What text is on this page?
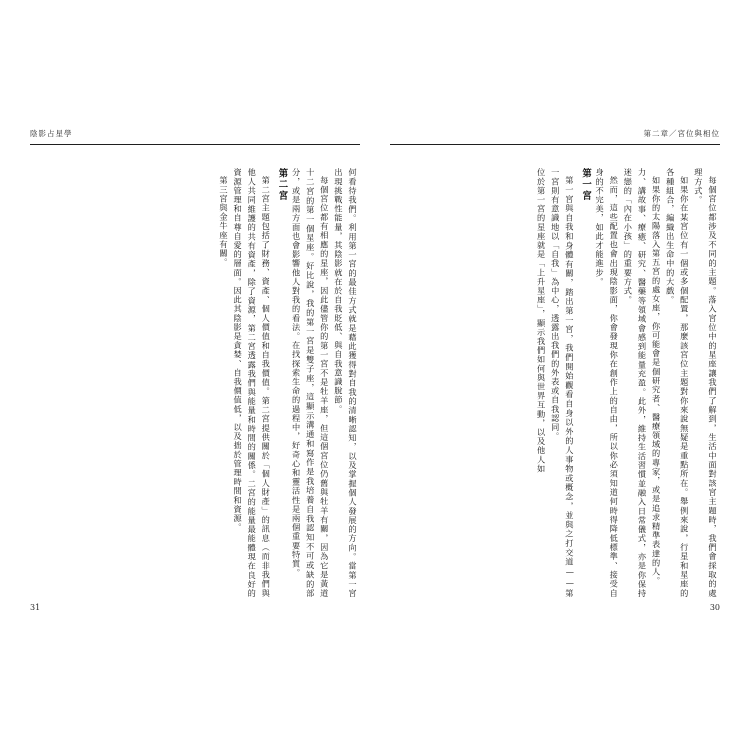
陰影占星學	第二章／宮位與相位
31	30

每個宮位都涉及不同的主題。落入宮位中的星座讓我們了解到，生活中面對該宮主題時，我們會採取的處理方式。

如果你在某宮位有一個或多個配置，那麼該宮位主題對你來說無疑是重點所在。舉例來說，行星和星座的各種組合，編織出生命中的大戲。

如果你的太陽落入第五宮的處女座，你可能會是個研究者、醫療領域的專家，或是追求精準表達的人。

力、講故事、療癒、研究、醫藥等領域會感到能量充盈。此外，維持生活習慣並融入日常儀式，亦是你保持迷戀的「內在小孩」的重要方式。

然而，這些配置也會出現陰影面，你會發現你在創作上的自由，所以你必須知道何時得降低標準、接受自身的不完美，如此才能進步。

第一宮

第一宮與自我和身體有關，踏出第一宮，我們開始觀看自身以外的人事物或概念，並與之打交道——第一宮則有意識地以「自我」為中心，透露出我們的外表或自我認同。

位於第一宮的星座就是「上升星座」，顯示我們如何與世界互動，以及他人如

何看待我們。利用第一宮的最佳方式就是藉此獲得對自我的清晰認知，以及掌握個人發展的方向。當第一宮出現挑戰性能量，其陰影就在於自我貶低、與自我意識脫節。

每個宮位都有相應的星座，因此儘管你的第一宮不是牡羊座，但這個宮位仍舊與牡羊有關，因為它是黃道十二宮的第一個星座。好比說，我的第一宮是雙子座，這顯示溝通和寫作是我培養自我認知不可或缺的部分，或是兩方面也會影響他人對我的看法。在找探索生命的過程中，好奇心和靈活性是兩個重要特質。

第二宮

第二宮主題包括了財務、資產、個人價值和自我價值。第二宮提供關於「個人財產」的訊息（而非我們與他人共同維護的共有資產，除了資源，第二宮透露我們與能量和時間的關係。二宮的能量最能體現在良好的資源管理和自尊自愛的層面。因此其陰影是貪婪、自我價值低，以及拙於管理時間和資源。

第三宮與金牛座有關。
